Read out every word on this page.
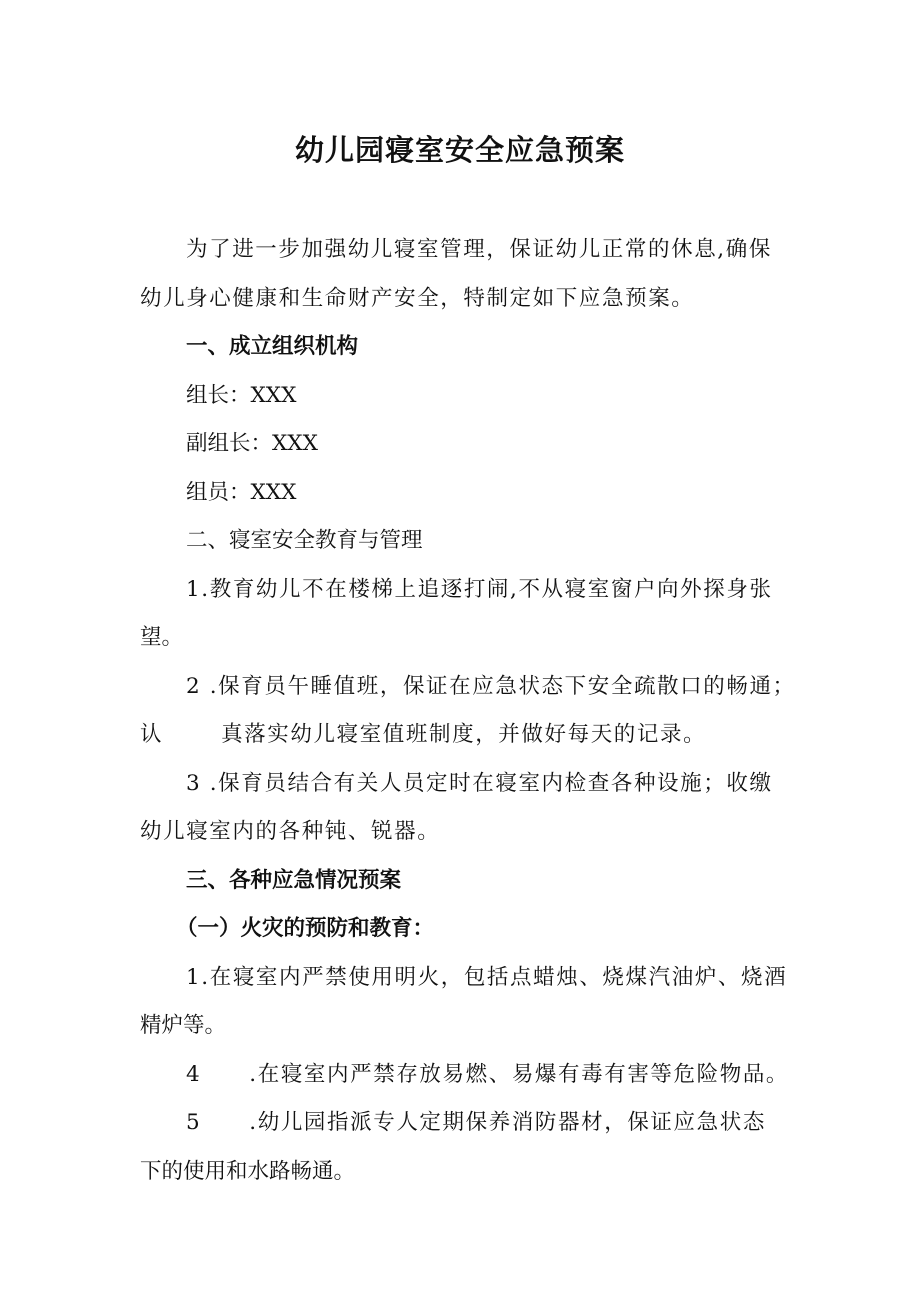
幼儿园寝室安全应急预案

为了进一步加强幼儿寝室管理，保证幼儿正常的休息,确保

幼儿身心健康和生命财产安全，特制定如下应急预案。

一、成立组织机构

组长：XXX

副组长：XXX

组员：XXX

二、寝室安全教育与管理

1.教育幼儿不在楼梯上追逐打闹,不从寝室窗户向外探身张

望。

2 .保育员午睡值班，保证在应急状态下安全疏散口的畅通；

认	真落实幼儿寝室值班制度，并做好每天的记录。

3 .保育员结合有关人员定时在寝室内检查各种设施；收缴

幼儿寝室内的各种钝、锐器。

三、各种应急情况预案

（一）火灾的预防和教育：

1.在寝室内严禁使用明火，包括点蜡烛、烧煤汽油炉、烧酒

精炉等。

4 .在寝室内严禁存放易燃、易爆有毒有害等危险物品。

5 .幼儿园指派专人定期保养消防器材，保证应急状态

下的使用和水路畅通。
